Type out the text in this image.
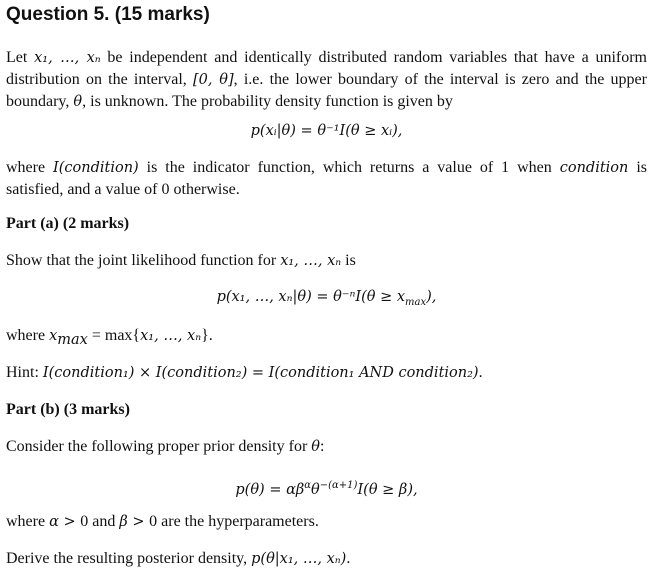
Question 5. (15 marks)

Let x₁, …, xₙ be independent and identically distributed random variables that have a uniform distribution on the interval, [0, θ], i.e. the lower boundary of the interval is zero and the upper boundary, θ, is unknown. The probability density function is given by

p(xᵢ|θ) = θ⁻¹I(θ ≥ xᵢ),

where I(condition) is the indicator function, which returns a value of 1 when condition is satisfied, and a value of 0 otherwise.

Part (a) (2 marks)
Show that the joint likelihood function for x₁, …, xₙ is
p(x₁, …, $x_n|\theta) = \theta^{-n}I(\theta \ge x_{max})$,
where $x_{max} = \max\{x_1$, …, xₙ}.
Hint: I(condition₁) × I(condition₂) = I(condition₁ AND condition₂).
Part (b) (3 marks)
Consider the following proper prior density for θ:
$p(\theta) = \alpha\beta^\alpha\theta^{-(\alpha+1)}I(\theta \ge \beta)$,
where α > 0 and β > 0 are the hyperparameters.
Derive the resulting posterior density, p(θ|x₁, …, xₙ).
